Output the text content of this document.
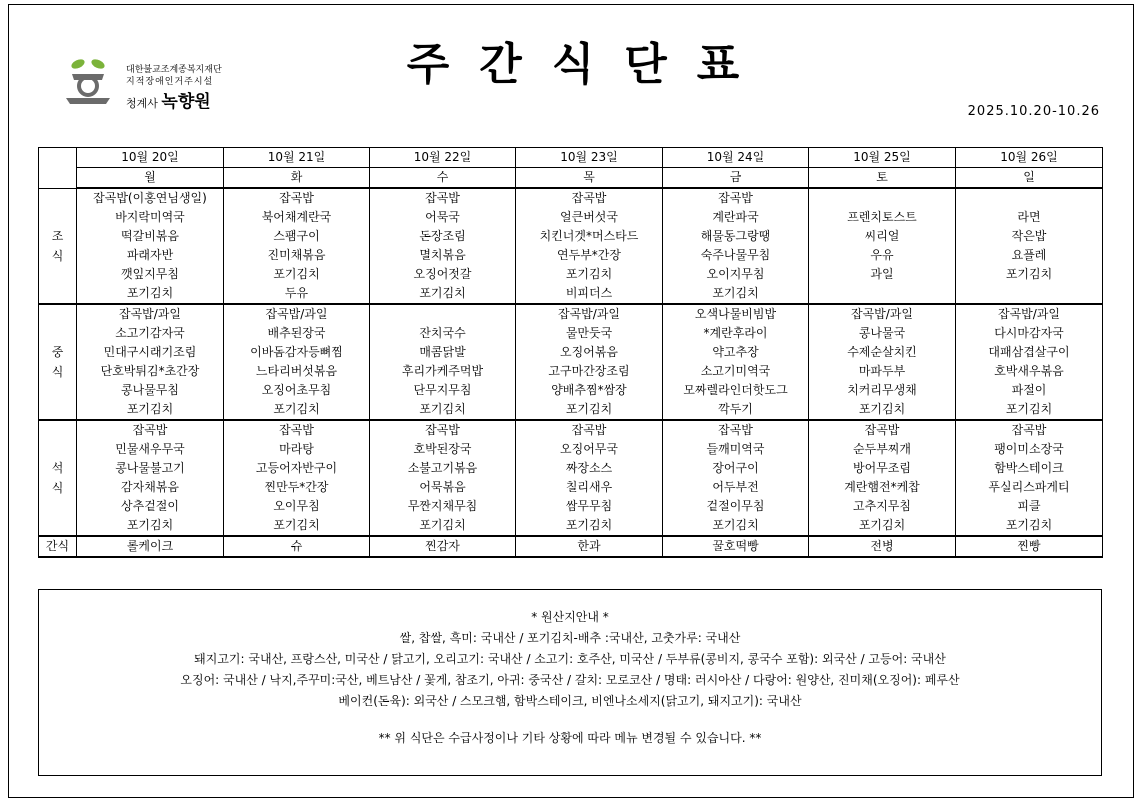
주간식단표
대한불교조계종복지재단
지적장애인거주시설
청계사 녹향원	2025.10.20-10.26
	10월 20일	10월 21일	10월 22일	10월 23일	10월 24일	10월 25일	10월 26일
	월	화	수	목	금	토	일
조
식	잡곡밥(이홍연님생일)	잡곡밥	잡곡밥	잡곡밥	잡곡밥		
	바지락미역국	북어채계란국	어묵국	얼큰버섯국	계란파국	프렌치토스트	라면
	떡갈비볶음	스팸구이	돈장조림	치킨너겟*머스타드	해물동그랑땡	씨리얼	작은밥
	파래자반	진미채볶음	멸치볶음	연두부*간장	숙주나물무침	우유	요플레
	깻잎지무침	포기김치	오징어젓갈	포기김치	오이지무침	과일	포기김치
	포기김치	두유	포기김치	비피더스	포기김치		
중
식	잡곡밥/과일	잡곡밥/과일		잡곡밥/과일	오색나물비빔밥	잡곡밥/과일	잡곡밥/과일
	소고기감자국	배추된장국	잔치국수	물만둣국	*계란후라이	콩나물국	다시마감자국
	민대구시래기조림	이바돔감자등뼈찜	매콤닭발	오징어볶음	약고추장	수제순살치킨	대패삼겹살구이
	단호박튀김*초간장	느타리버섯볶음	후리가케주먹밥	고구마간장조림	소고기미역국	마파두부	호박새우볶음
	콩나물무침	오징어초무침	단무지무침	양배추찜*쌈장	모짜렐라인더핫도그	치커리무생채	파절이
	포기김치	포기김치	포기김치	포기김치	깍두기	포기김치	포기김치
석
식	잡곡밥	잡곡밥	잡곡밥	잡곡밥	잡곡밥	잡곡밥	잡곡밥
	민물새우무국	마라탕	호박된장국	오징어무국	들깨미역국	순두부찌개	팽이미소장국
	콩나물불고기	고등어자반구이	소불고기볶음	짜장소스	장어구이	방어무조림	함박스테이크
	감자채볶음	찐만두*간장	어묵볶음	칠리새우	어두부전	계란햄전*케찹	푸실리스파게티
	상추겉절이	오이무침	무짠지채무침	쌈무무침	겉절이무침	고추지무침	피클
	포기김치	포기김치	포기김치	포기김치	포기김치	포기김치	포기김치
간식	롤케이크	슈	찐감자	한과	꿀호떡빵	전병	찐빵
* 원산지안내 *
쌀, 찹쌀, 흑미: 국내산 / 포기김치-배추 :국내산, 고춧가루: 국내산
돼지고기: 국내산, 프랑스산, 미국산 / 닭고기, 오리고기: 국내산 / 소고기: 호주산, 미국산 / 두부류(콩비지, 콩국수 포함): 외국산 / 고등어: 국내산
오징어: 국내산 / 낙지,주꾸미:국산, 베트남산 / 꽃게, 참조기, 아귀: 중국산 / 갈치: 모로코산 / 명태: 러시아산 / 다랑어: 원양산, 진미채(오징어): 페루산
베이컨(돈육): 외국산 / 스모크햄, 함박스테이크, 비엔나소세지(닭고기, 돼지고기): 국내산
** 위 식단은 수급사정이나 기타 상황에 따라 메뉴 변경될 수 있습니다. **
